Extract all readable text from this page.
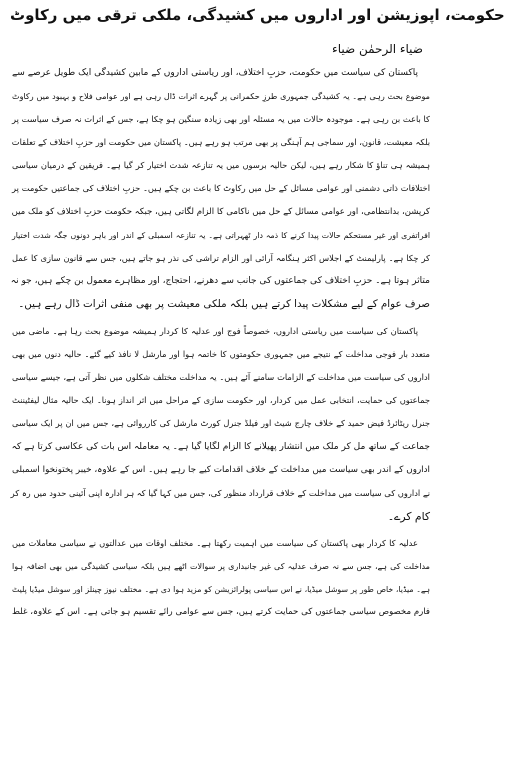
حکومت، اپوزیشن اور اداروں میں کشیدگی، ملکی ترقی میں رکاوٹ
ضیاء الرحمٰن ضیاء
پاکستان کی سیاست میں حکومت، حزبِ اختلاف، اور ریاستی اداروں کے مابین کشیدگی ایک طویل عرصے سے
موضوع بحث رہی ہے۔ یہ کشیدگی جمہوری طرزِ حکمرانی پر گہرے اثرات ڈال رہی ہے اور عوامی فلاح و بہبود میں رکاوٹ
کا باعث بن رہی ہے۔ موجودہ حالات میں یہ مسئلہ اور بھی زیادہ سنگین ہو چکا ہے، جس کے اثرات نہ صرف سیاست پر
بلکہ معیشت، قانون، اور سماجی ہم آہنگی پر بھی مرتب ہو رہے ہیں۔ پاکستان میں حکومت اور حزبِ اختلاف کے تعلقات
ہمیشہ ہی تناؤ کا شکار رہے ہیں، لیکن حالیہ برسوں میں یہ تنازعہ شدت اختیار کر گیا ہے۔ فریقین کے درمیان سیاسی
اختلافات ذاتی دشمنی اور عوامی مسائل کے حل میں رکاوٹ کا باعث بن چکے ہیں۔ حزبِ اختلاف کی جماعتیں حکومت پر
کرپشن، بدانتظامی، اور عوامی مسائل کے حل میں ناکامی کا الزام لگاتی ہیں، جبکہ حکومت حزبِ اختلاف کو ملک میں
افراتفری اور غیر مستحکم حالات پیدا کرنے کا ذمہ دار ٹھہراتی ہے۔ یہ تنازعہ اسمبلی کے اندر اور باہر دونوں جگہ شدت اختیار
کر چکا ہے۔ پارلیمنٹ کے اجلاس اکثر ہنگامہ آرائی اور الزام تراشی کی نذر ہو جاتے ہیں، جس سے قانون سازی کا عمل
متاثر ہوتا ہے۔ حزبِ اختلاف کی جماعتوں کی جانب سے دھرنے، احتجاج، اور مظاہرے معمول بن چکے ہیں، جو نہ
صرف عوام کے لیے مشکلات پیدا کرتے ہیں بلکہ ملکی معیشت پر بھی منفی اثرات ڈال رہے ہیں۔
پاکستان کی سیاست میں ریاستی اداروں، خصوصاً فوج اور عدلیہ کا کردار ہمیشہ موضوع بحث رہا ہے۔ ماضی میں
متعدد بار فوجی مداخلت کے نتیجے میں جمہوری حکومتوں کا خاتمہ ہوا اور مارشل لا نافذ کیے گئے۔ حالیہ دنوں میں بھی
اداروں کی سیاست میں مداخلت کے الزامات سامنے آئے ہیں۔ یہ مداخلت مختلف شکلوں میں نظر آتی ہے، جیسے سیاسی
جماعتوں کی حمایت، انتخابی عمل میں کردار، اور حکومت سازی کے مراحل میں اثر انداز ہونا۔ ایک حالیہ مثال لیفٹیننٹ
جنرل ریٹائرڈ فیض حمید کے خلاف چارج شیٹ اور فیلڈ جنرل کورٹ مارشل کی کارروائی ہے، جس میں ان پر ایک سیاسی
جماعت کے ساتھ مل کر ملک میں انتشار پھیلانے کا الزام لگایا گیا ہے۔ یہ معاملہ اس بات کی عکاسی کرتا ہے کہ
اداروں کے اندر بھی سیاست میں مداخلت کے خلاف اقدامات کیے جا رہے ہیں۔ اس کے علاوہ، خیبر پختونخوا اسمبلی
نے اداروں کی سیاست میں مداخلت کے خلاف قرارداد منظور کی، جس میں کہا گیا کہ ہر ادارہ اپنی آئینی حدود میں رہ کر
کام کرے۔
عدلیہ کا کردار بھی پاکستان کی سیاست میں اہمیت رکھتا ہے۔ مختلف اوقات میں عدالتوں نے سیاسی معاملات میں
مداخلت کی ہے، جس سے نہ صرف عدلیہ کی غیر جانبداری پر سوالات اٹھے ہیں بلکہ سیاسی کشیدگی میں بھی اضافہ ہوا
ہے۔ میڈیا، خاص طور پر سوشل میڈیا، نے اس سیاسی پولرائزیشن کو مزید ہوا دی ہے۔ مختلف نیوز چینلز اور سوشل میڈیا پلیٹ
فارم مخصوص سیاسی جماعتوں کی حمایت کرتے ہیں، جس سے عوامی رائے تقسیم ہو جاتی ہے۔ اس کے علاوہ، غلط
